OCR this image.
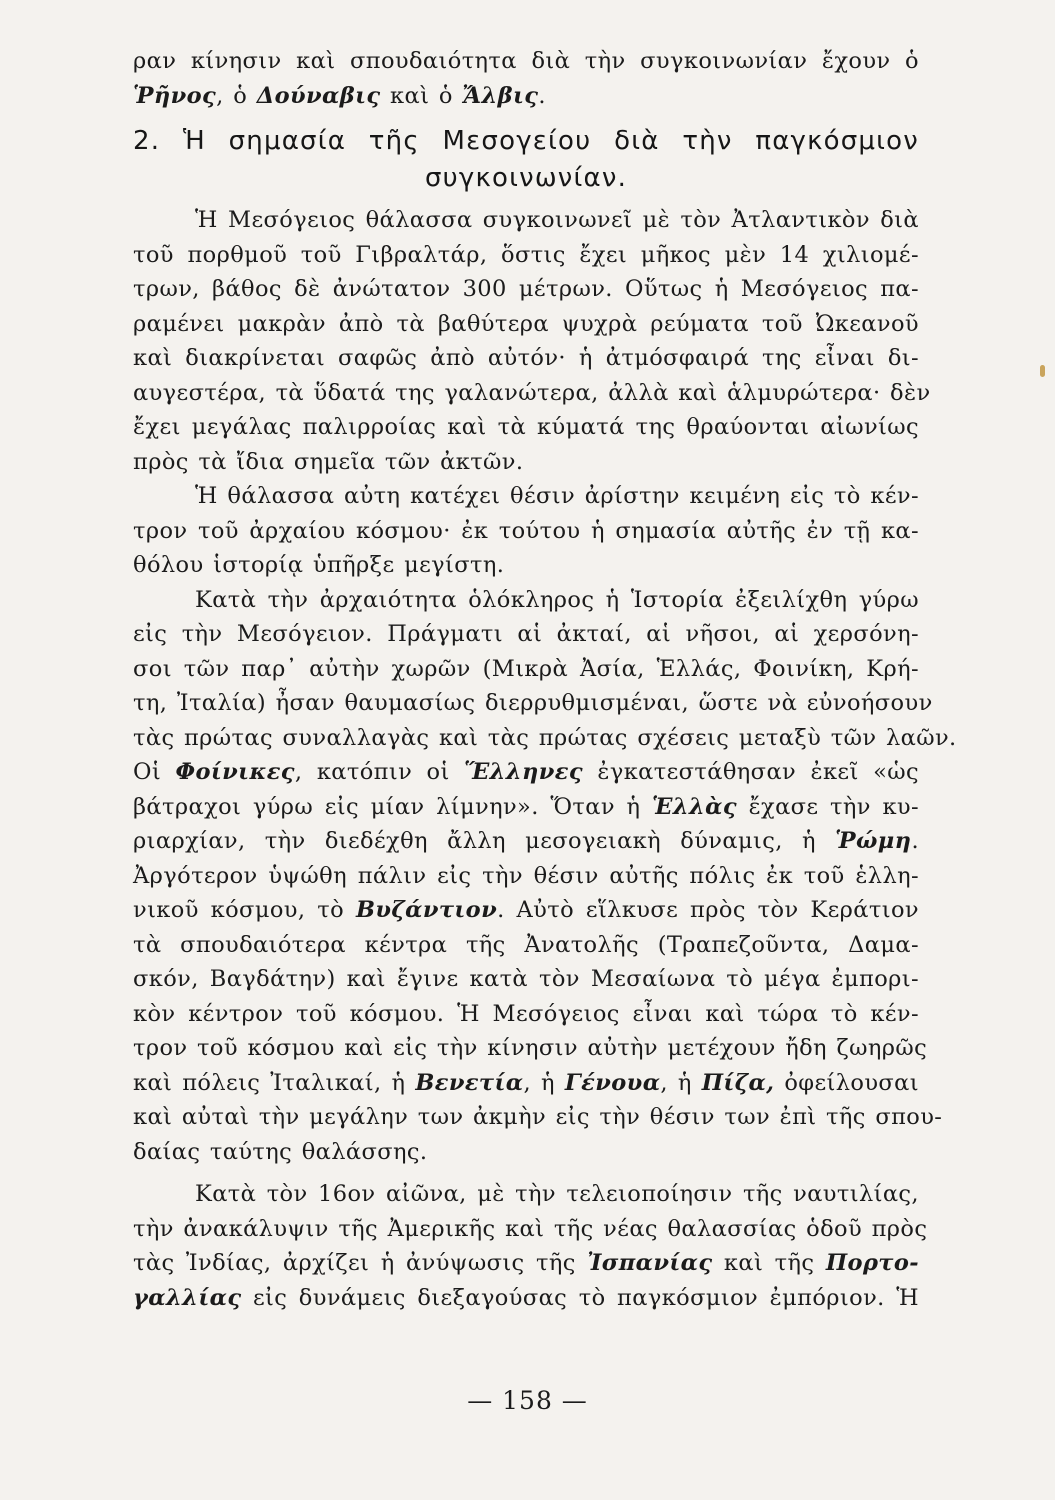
ραν κίνησιν καὶ σπουδαιότητα διὰ τὴν συγκοινωνίαν ἔχουν ὁ
Ῥῆνος, ὁ Δούναβις καὶ ὁ Ἄλβις.
2. Ἡ σημασία τῆς Μεσογείου διὰ τὴν παγκόσμιον
συγκοινωνίαν.
Ἡ Μεσόγειος θάλασσα συγκοινωνεῖ μὲ τὸν Ἀτλαντικὸν διὰ
τοῦ πορθμοῦ τοῦ Γιβραλτάρ, ὅστις ἔχει μῆκος μὲν 14 χιλιομέ-
τρων, βάθος δὲ ἀνώτατον 300 μέτρων. Οὕτως ἡ Μεσόγειος πα-
ραμένει μακρὰν ἀπὸ τὰ βαθύτερα ψυχρὰ ρεύματα τοῦ Ὠκεανοῦ
καὶ διακρίνεται σαφῶς ἀπὸ αὐτόν· ἡ ἀτμόσφαιρά της εἶναι δι-
αυγεστέρα, τὰ ὕδατά της γαλανώτερα, ἀλλὰ καὶ ἁλμυρώτερα· δὲν
ἔχει μεγάλας παλιρροίας καὶ τὰ κύματά της θραύονται αἰωνίως
πρὸς τὰ ἴδια σημεῖα τῶν ἀκτῶν.
Ἡ θάλασσα αὐτη κατέχει θέσιν ἀρίστην κειμένη εἰς τὸ κέν-
τρον τοῦ ἀρχαίου κόσμου· ἐκ τούτου ἡ σημασία αὐτῆς ἐν τῇ κα-
θόλου ἱστορίᾳ ὑπῆρξε μεγίστη.
Κατὰ τὴν ἀρχαιότητα ὁλόκληρος ἡ Ἱστορία ἐξειλίχθη γύρω
εἰς τὴν Μεσόγειον. Πράγματι αἱ ἀκταί, αἱ νῆσοι, αἱ χερσόνη-
σοι τῶν παρ᾿ αὐτὴν χωρῶν (Μικρὰ Ἀσία, Ἑλλάς, Φοινίκη, Κρή-
τη, Ἰταλία) ἦσαν θαυμασίως διερρυθμισμέναι, ὥστε νὰ εὐνοήσουν
τὰς πρώτας συναλλαγὰς καὶ τὰς πρώτας σχέσεις μεταξὺ τῶν λαῶν.
Οἱ Φοίνικες, κατόπιν οἱ Ἕλληνες ἐγκατεστάθησαν ἐκεῖ «ὡς
βάτραχοι γύρω εἰς μίαν λίμνην». Ὅταν ἡ Ἑλλὰς ἔχασε τὴν κυ-
ριαρχίαν, τὴν διεδέχθη ἄλλη μεσογειακὴ δύναμις, ἡ Ῥώμη.
Ἀργότερον ὑψώθη πάλιν εἰς τὴν θέσιν αὐτῆς πόλις ἐκ τοῦ ἑλλη-
νικοῦ κόσμου, τὸ Βυζάντιον. Αὐτὸ εἵλκυσε πρὸς τὸν Κεράτιον
τὰ σπουδαιότερα κέντρα τῆς Ἀνατολῆς (Τραπεζοῦντα, Δαμα-
σκόν, Βαγδάτην) καὶ ἔγινε κατὰ τὸν Μεσαίωνα τὸ μέγα ἐμπορι-
κὸν κέντρον τοῦ κόσμου. Ἡ Μεσόγειος εἶναι καὶ τώρα τὸ κέν-
τρον τοῦ κόσμου καὶ εἰς τὴν κίνησιν αὐτὴν μετέχουν ἤδη ζωηρῶς
καὶ πόλεις Ἰταλικαί, ἡ Βενετία, ἡ Γένουα, ἡ Πίζα, ὀφείλουσαι
καὶ αὐταὶ τὴν μεγάλην των ἀκμὴν εἰς τὴν θέσιν των ἐπὶ τῆς σπου-
δαίας ταύτης θαλάσσης.
Κατὰ τὸν 16ον αἰῶνα, μὲ τὴν τελειοποίησιν τῆς ναυτιλίας,
τὴν ἀνακάλυψιν τῆς Ἀμερικῆς καὶ τῆς νέας θαλασσίας ὁδοῦ πρὸς
τὰς Ἰνδίας, ἀρχίζει ἡ ἀνύψωσις τῆς Ἰσπανίας καὶ τῆς Πορτο-
γαλλίας εἰς δυνάμεις διεξαγούσας τὸ παγκόσμιον ἐμπόριον. Ἡ
— 158 —
